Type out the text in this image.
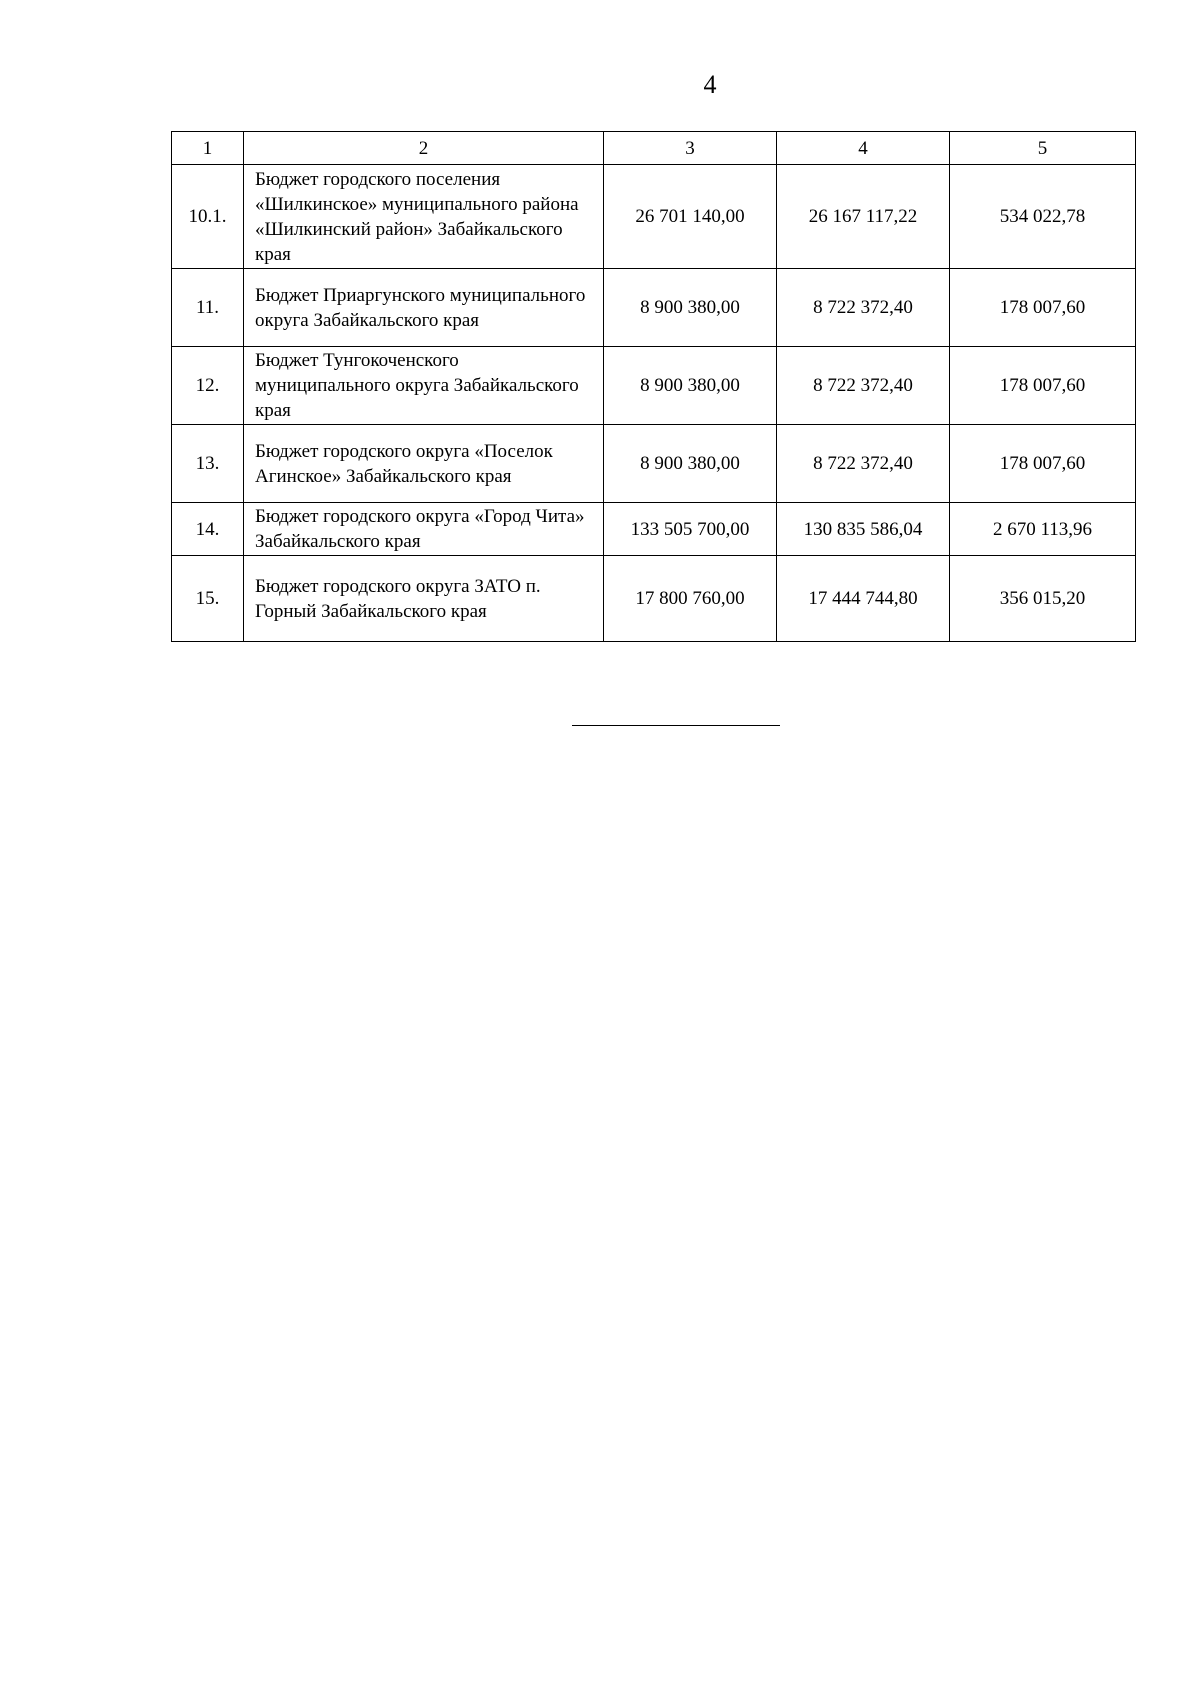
4
1	2	3	4	5
10.1.	Бюджет городского поселения «Шилкинское» муниципального района «Шилкинский район» Забайкальского края	26 701 140,00	26 167 117,22	534 022,78
11.	Бюджет Приаргунского муниципального округа Забайкальского края	8 900 380,00	8 722 372,40	178 007,60
12.	Бюджет Тунгокоченского муниципального округа Забайкальского края	8 900 380,00	8 722 372,40	178 007,60
13.	Бюджет городского округа «Поселок Агинское» Забайкальского края	8 900 380,00	8 722 372,40	178 007,60
14.	Бюджет городского округа «Город Чита» Забайкальского края	133 505 700,00	130 835 586,04	2 670 113,96
15.	Бюджет городского округа ЗАТО п. Горный Забайкальского края	17 800 760,00	17 444 744,80	356 015,20
